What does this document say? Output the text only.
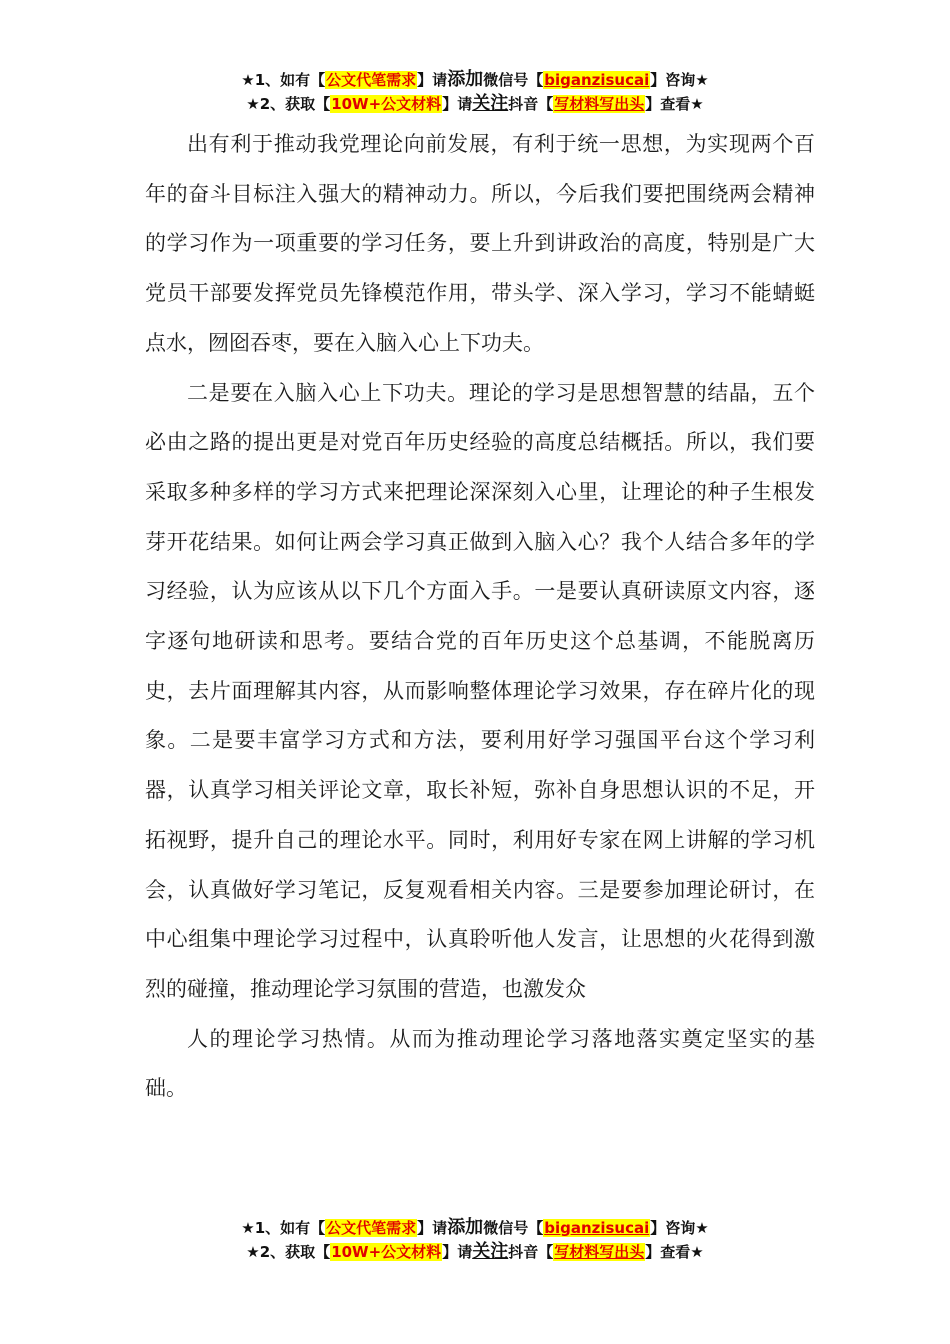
★1、如有【公文代笔需求】请添加微信号【biganzisucai】咨询★
★2、获取【10W+公文材料】请关注抖音【写材料写出头】查看★

出有利于推动我党理论向前发展，有利于统一思想，为实现两个百年的奋斗目标注入强大的精神动力。所以，今后我们要把围绕两会精神的学习作为一项重要的学习任务，要上升到讲政治的高度，特别是广大党员干部要发挥党员先锋模范作用，带头学、深入学习，学习不能蜻蜓点水，囫囵吞枣，要在入脑入心上下功夫。

二是要在入脑入心上下功夫。理论的学习是思想智慧的结晶，五个必由之路的提出更是对党百年历史经验的高度总结概括。所以，我们要采取多种多样的学习方式来把理论深深刻入心里，让理论的种子生根发芽开花结果。如何让两会学习真正做到入脑入心？我个人结合多年的学习经验，认为应该从以下几个方面入手。一是要认真研读原文内容，逐字逐句地研读和思考。要结合党的百年历史这个总基调，不能脱离历史，去片面理解其内容，从而影响整体理论学习效果，存在碎片化的现象。二是要丰富学习方式和方法，要利用好学习强国平台这个学习利器，认真学习相关评论文章，取长补短，弥补自身思想认识的不足，开拓视野，提升自己的理论水平。同时，利用好专家在网上讲解的学习机会，认真做好学习笔记，反复观看相关内容。三是要参加理论研讨，在中心组集中理论学习过程中，认真聆听他人发言，让思想的火花得到激烈的碰撞，推动理论学习氛围的营造，也激发众

人的理论学习热情。从而为推动理论学习落地落实奠定坚实的基础。

★1、如有【公文代笔需求】请添加微信号【biganzisucai】咨询★
★2、获取【10W+公文材料】请关注抖音【写材料写出头】查看★
